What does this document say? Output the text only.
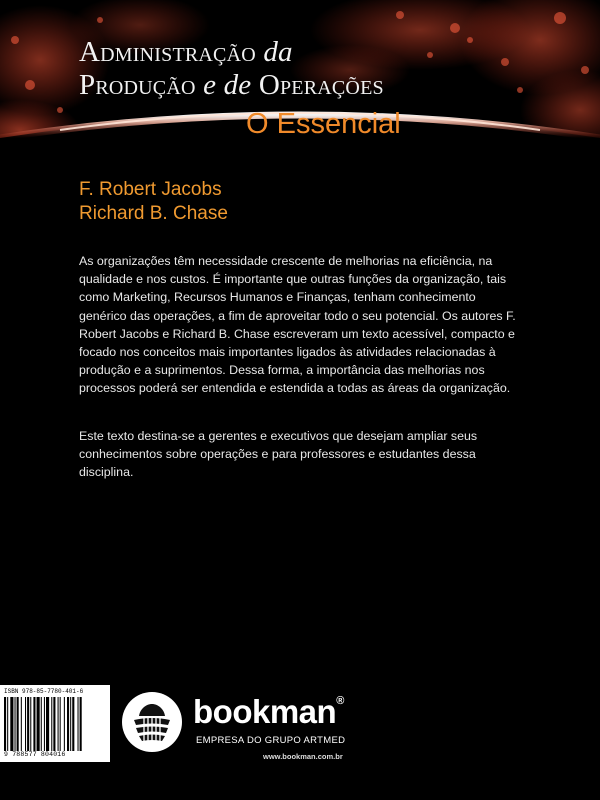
Administração da
Produção e de Operações
O Essencial
F. Robert Jacobs
Richard B. Chase
As organizações têm necessidade crescente de melhorias na eficiência, na qualidade e nos custos. É importante que outras funções da organização, tais como Marketing, Recursos Humanos e Finanças, tenham conhecimento genérico das operações, a fim de aproveitar todo o seu potencial. Os autores F. Robert Jacobs e Richard B. Chase escreveram um texto acessível, compacto e focado nos conceitos mais importantes ligados às atividades relacionadas à produção e a suprimentos. Dessa forma, a importância das melhorias nos processos poderá ser entendida e estendida a todas as áreas da organização.
Este texto destina-se a gerentes e executivos que desejam ampliar seus conhecimentos sobre operações e para professores e estudantes dessa disciplina.
ISBN 978-85-7780-401-6
9 788577 804016
bookman®
EMPRESA DO GRUPO ARTMED
www.bookman.com.br
